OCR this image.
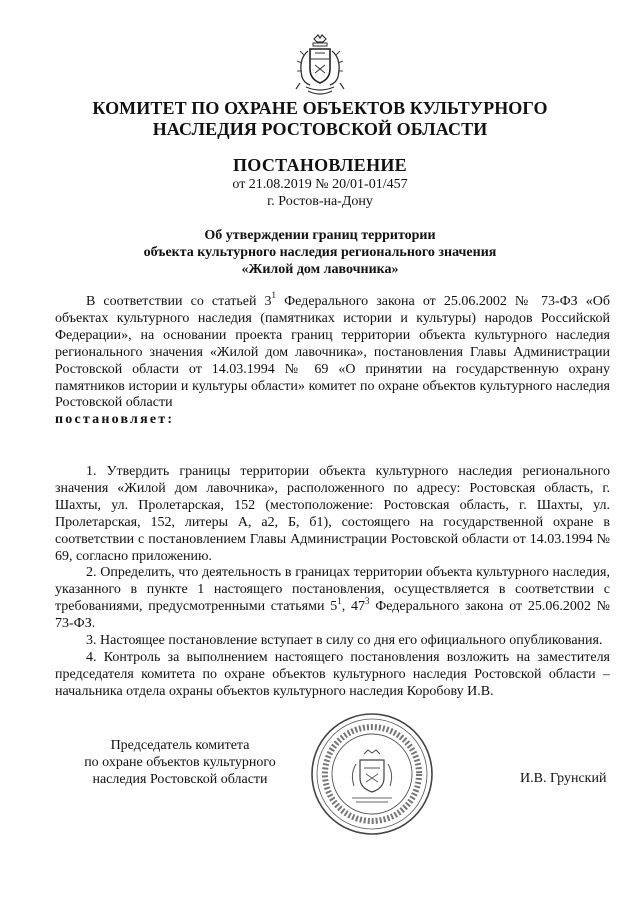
КОМИТЕТ ПО ОХРАНЕ ОБЪЕКТОВ КУЛЬТУРНОГО
НАСЛЕДИЯ РОСТОВСКОЙ ОБЛАСТИ
ПОСТАНОВЛЕНИЕ
от 21.08.2019 № 20/01-01/457
г. Ростов-на-Дону
Об утверждении границ территории
объекта культурного наследия регионального значения
«Жилой дом лавочника»

В соответствии со статьей $3^1$ Федерального закона от 25.06.2002 № 73-ФЗ «Об объектах культурного наследия (памятниках истории и культуры) народов Российской Федерации», на основании проекта границ территории объекта культурного наследия регионального значения «Жилой дом лавочника», постановления Главы Администрации Ростовской области от 14.03.1994 № 69 «О принятии на государственную охрану памятников истории и культуры области» комитет по охране объектов культурного наследия Ростовской области

постановляет:

1. Утвердить границы территории объекта культурного наследия регионального значения «Жилой дом лавочника», расположенного по адресу: Ростовская область, г. Шахты, ул. Пролетарская, 152 (местоположение: Ростовская область, г. Шахты, ул. Пролетарская, 152, литеры А, а2, Б, б1), состоящего на государственной охране в соответствии с постановлением Главы Администрации Ростовской области от 14.03.1994 № 69, согласно приложению.

2. Определить, что деятельность в границах территории объекта культурного наследия, указанного в пункте 1 настоящего постановления, осуществляется в соответствии с требованиями, предусмотренными статьями $5^1$, $47^3$ Федерального закона от 25.06.2002 № 73-ФЗ.

3. Настоящее постановление вступает в силу со дня его официального опубликования.

4. Контроль за выполнением настоящего постановления возложить на заместителя председателя комитета по охране объектов культурного наследия Ростовской области – начальника отдела охраны объектов культурного наследия Коробову И.В.

Председатель комитета
по охране объектов культурного
наследия Ростовской области	И.В. Грунский
